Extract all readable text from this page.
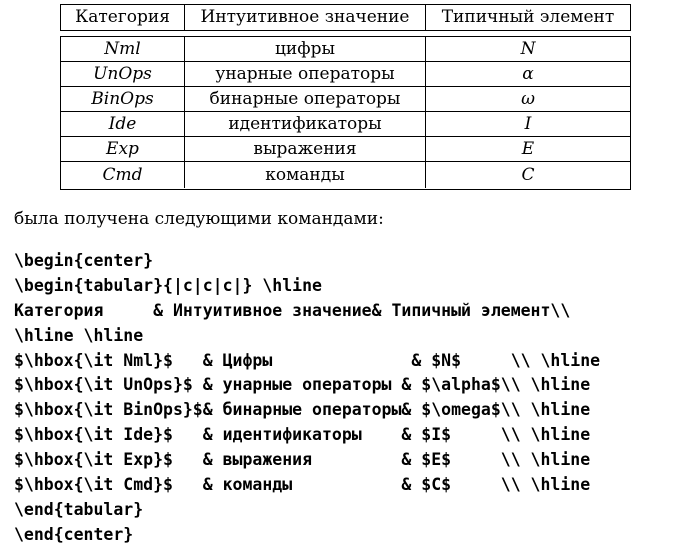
Категория	Интуитивное значение	Типичный элемент
Nml	цифры	N
UnOps	унарные операторы	α
BinOps	бинарные операторы	ω
Ide	идентификаторы	I
Exp	выражения	E
Cmd	команды	C
была получена следующими командами:
\begin{center}
\begin{tabular}{|c|c|c|} \hline
Категория     & Интуитивное значение& Типичный элемент\\
\hline \hline
$\hbox{\it Nml}$   & Цифры              & $N$     \\ \hline
$\hbox{\it UnOps}$ & унарные операторы & $\alpha$\\ \hline
$\hbox{\it BinOps}$& бинарные операторы& $\omega$\\ \hline
$\hbox{\it Ide}$   & идентификаторы    & $I$     \\ \hline
$\hbox{\it Exp}$   & выражения         & $E$     \\ \hline
$\hbox{\it Cmd}$   & команды           & $C$     \\ \hline
\end{tabular}
\end{center}
